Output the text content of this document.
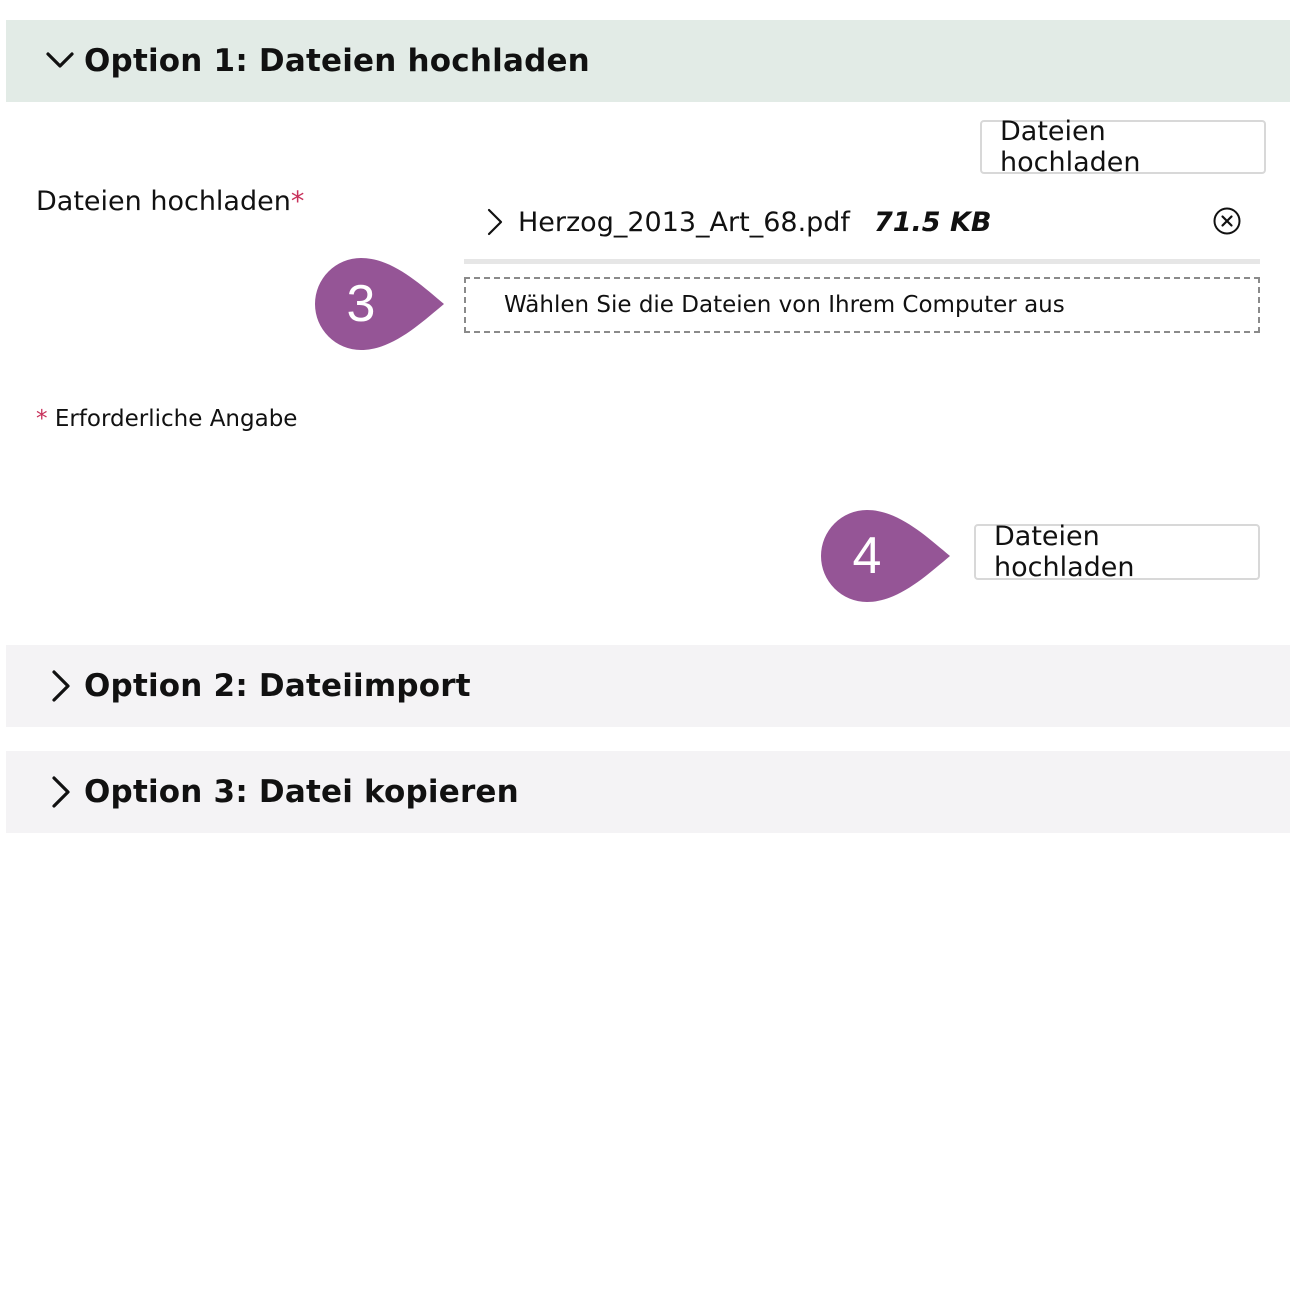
Option 1: Dateien hochladen
Dateien hochladen
Dateien hochladen*
Herzog_2013_Art_68.pdf 71.5 KB
3	Wählen Sie die Dateien von Ihrem Computer aus
* Erforderliche Angabe
4	Dateien hochladen
Option 2: Dateiimport
Option 3: Datei kopieren
